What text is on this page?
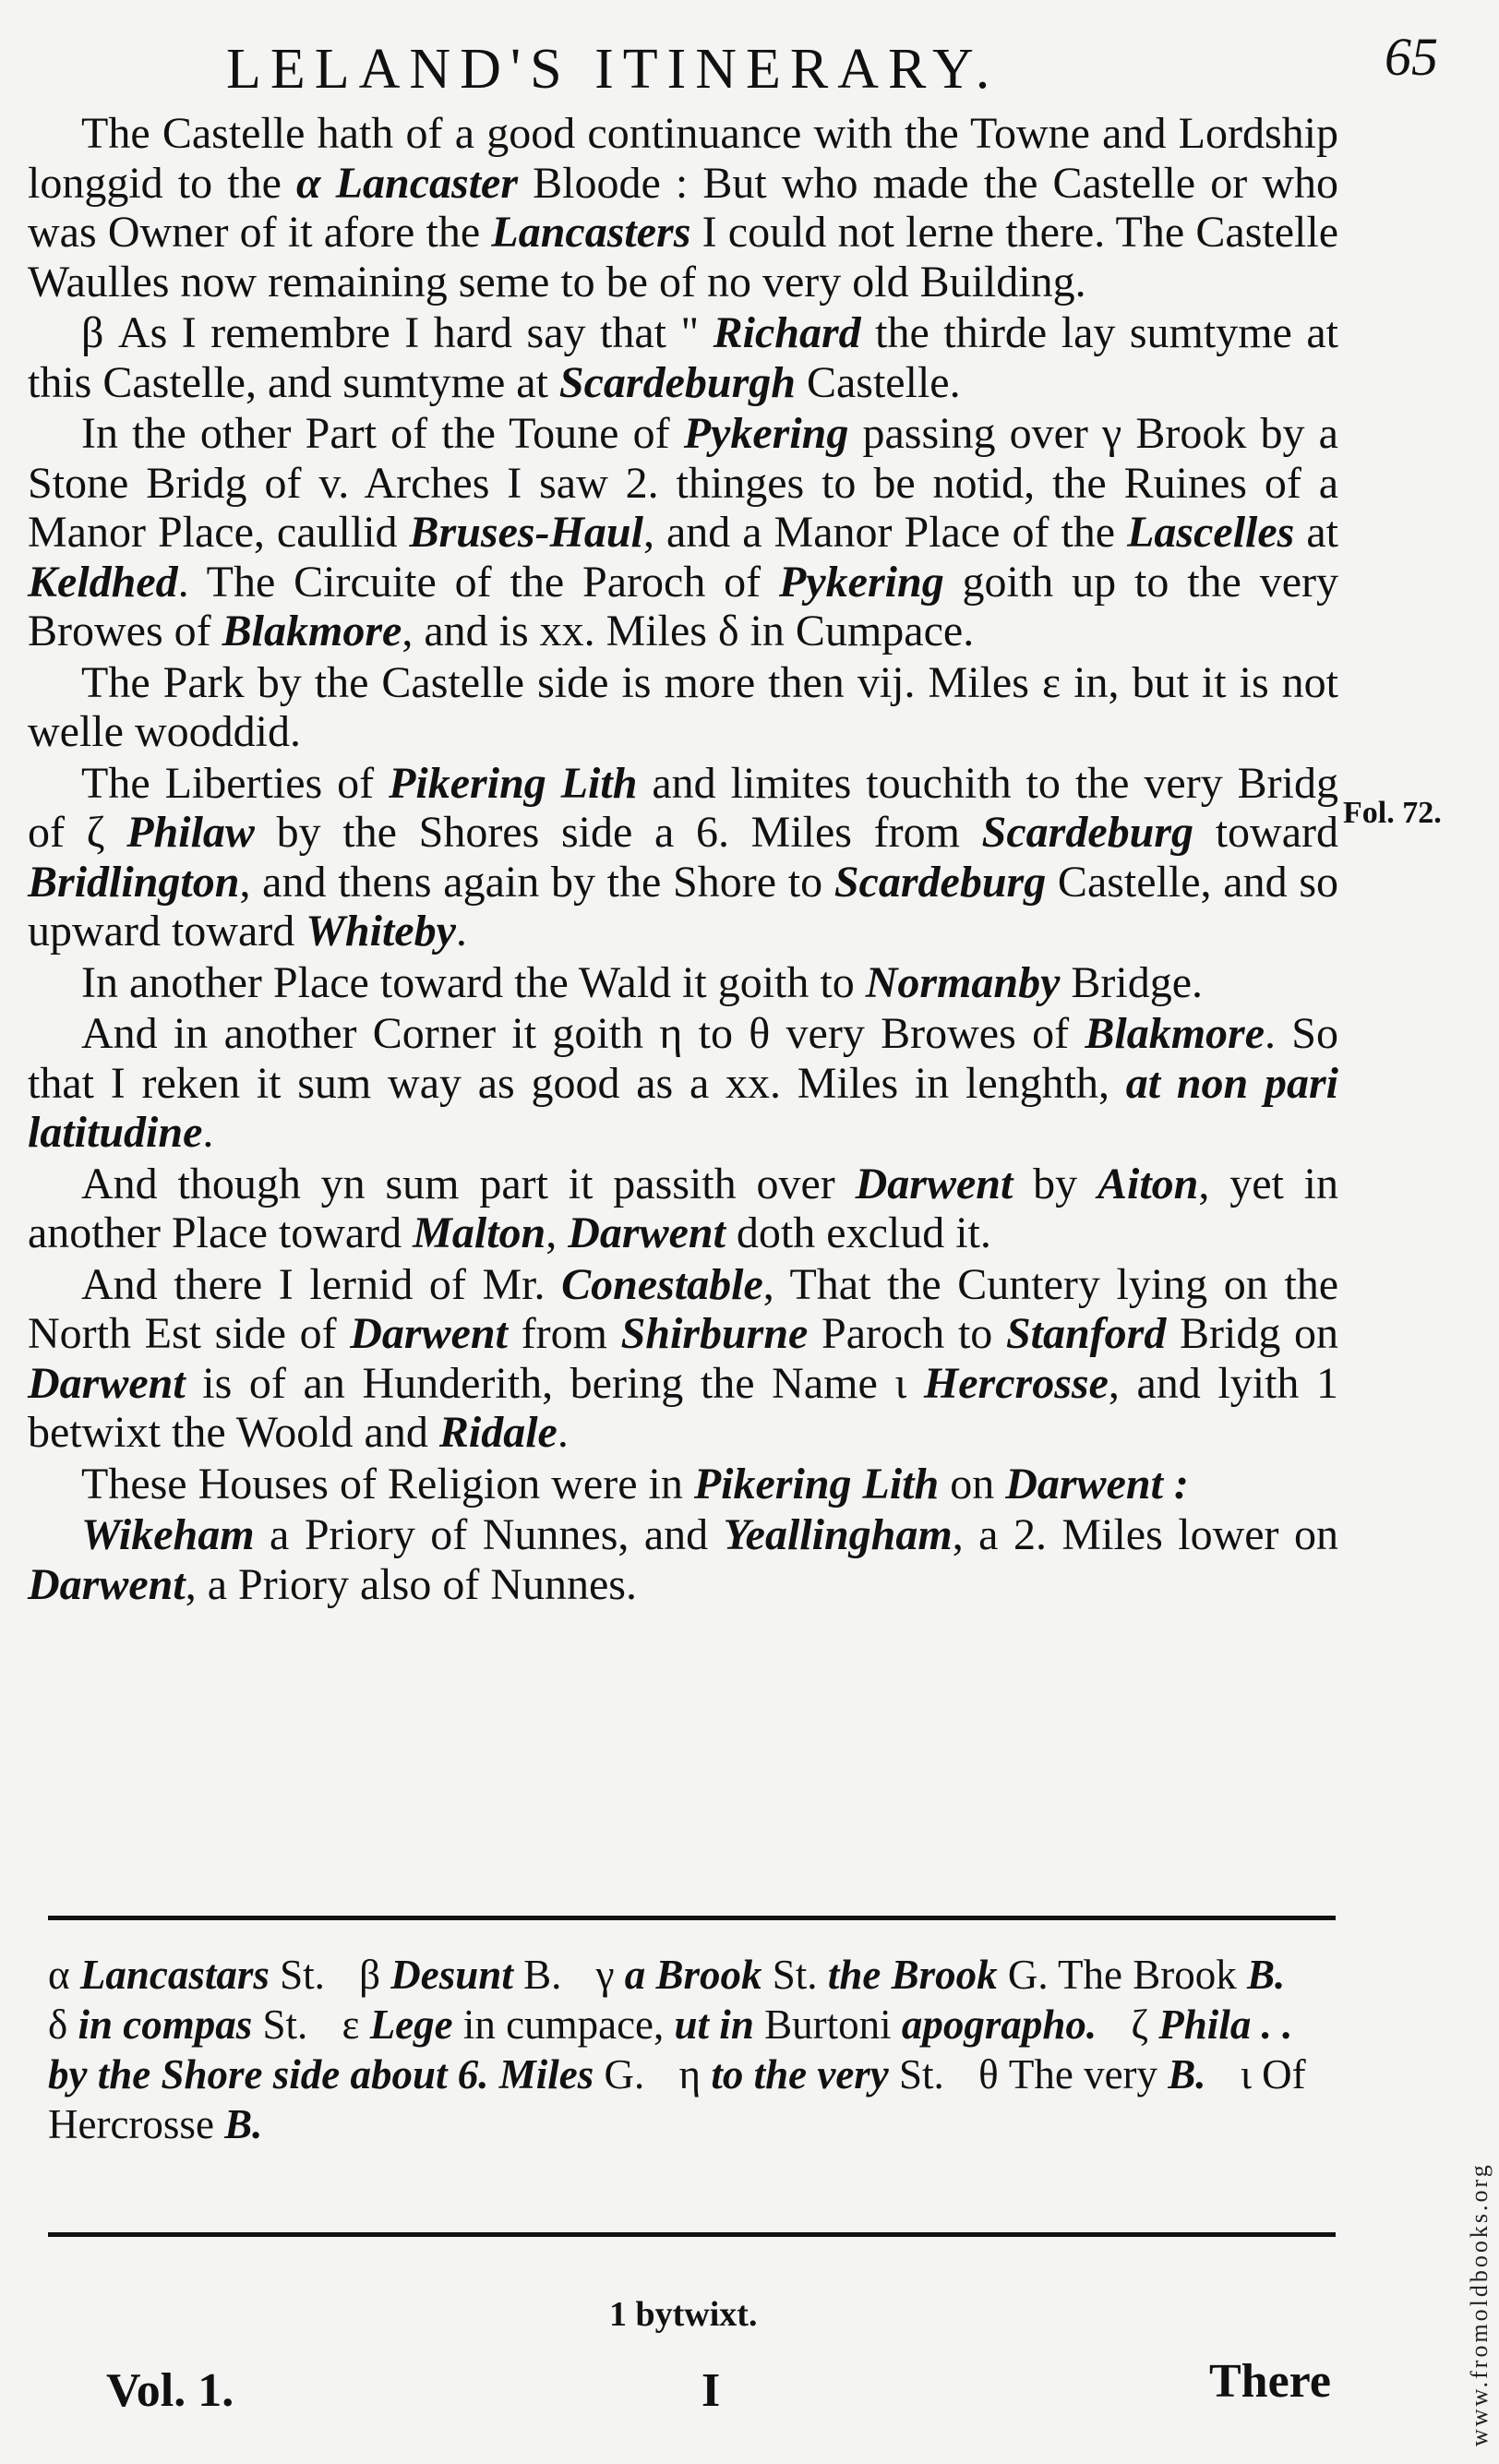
LELAND'S ITINERARY.	65

The Castelle hath of a good continuance with the Towne and Lordship longgid to the α Lancaster Bloode : But who made the Castelle or who was Owner of it afore the Lancasters I could not lerne there. The Castelle Waulles now remaining seme to be of no very old Building.

β As I remembre I hard say that " Richard the thirde lay sumtyme at this Castelle, and sumtyme at Scardeburgh Castelle.

In the other Part of the Toune of Pykering passing over γ Brook by a Stone Bridg of v. Arches I saw 2. thinges to be notid, the Ruines of a Manor Place, caullid Bruses-Haul, and a Manor Place of the Lascelles at Keldhed. The Circuite of the Paroch of Pykering goith up to the very Browes of Blakmore, and is xx. Miles δ in Cumpace.

The Park by the Castelle side is more then vij. Miles ε in, but it is not welle wooddid.

The Liberties of Pikering Lith and limites touchith to the very Bridg of ζ Philaw by the Shores side a 6. Miles from Scardeburg toward Bridlington, and thens again by the Shore to Scardeburg Castelle, and so upward toward Whiteby.

In another Place toward the Wald it goith to Normanby Bridge.

And in another Corner it goith η to θ very Browes of Blakmore. So that I reken it sum way as good as a xx. Miles in lenghth, at non pari latitudine.

And though yn sum part it passith over Darwent by Aiton, yet in another Place toward Malton, Darwent doth exclud it.

And there I lernid of Mr. Conestable, That the Cuntery lying on the North Est side of Darwent from Shirburne Paroch to Stanford Bridg on Darwent is of an Hunderith, bering the Name ι Hercrosse, and lyith 1 betwixt the Woold and Ridale.

These Houses of Religion were in Pikering Lith on Darwent :

Wikeham a Priory of Nunnes, and Yeallingham, a 2. Miles lower on Darwent, a Priory also of Nunnes.

Fol. 72.
α Lancastars St. β Desunt B. γ a Brook St. the Brook G. The Brook B. δ in compas St. ε Lege in cumpace, ut in Burtoni apographo. ζ Phila . . by the Shore side about 6. Miles G. η to the very St. θ The very B. ι Of Hercrosse B.
1 bytwixt.
Vol. 1.	I	There	www.fromoldbooks.org
